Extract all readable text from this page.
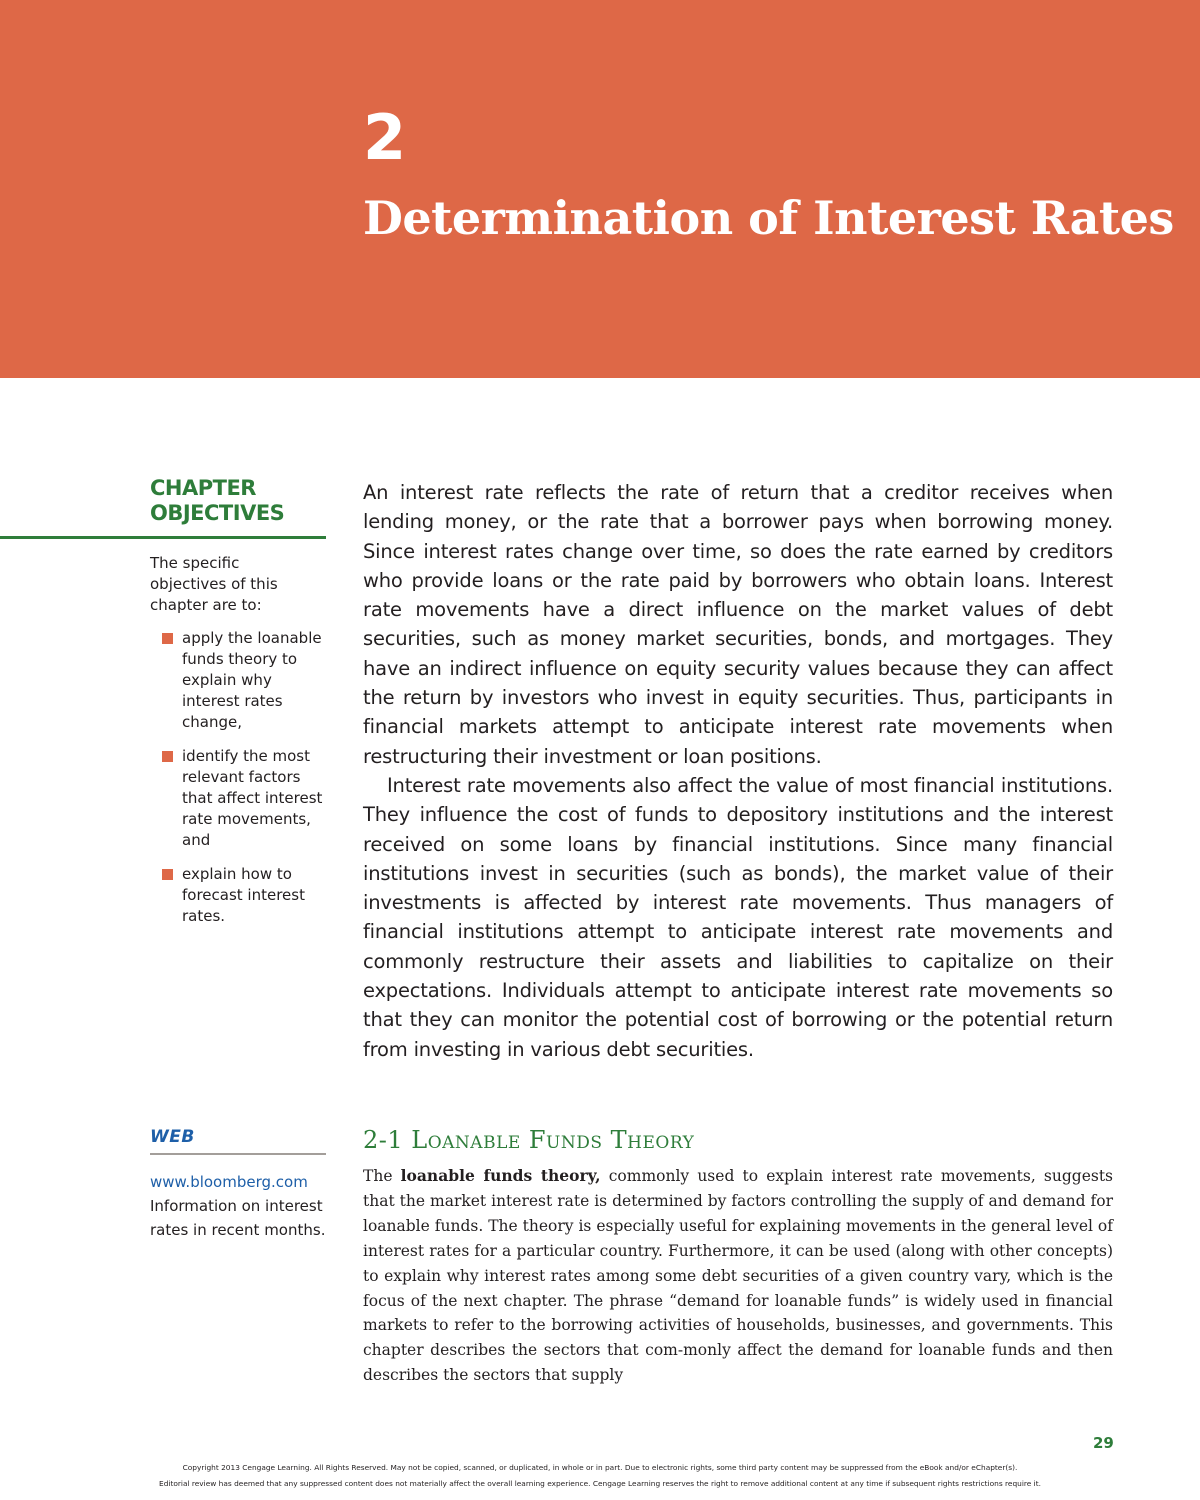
2
Determination of Interest Rates
CHAPTER
OBJECTIVES

The specific objectives of this chapter are to:

apply the loanable funds theory to explain why interest rates change,
identify the most relevant factors that affect interest rate movements, and
explain how to forecast interest rates.
WEB
www.bloomberg.com
Information on interest rates in recent months.

An interest rate reflects the rate of return that a creditor receives when lending money, or the rate that a borrower pays when borrowing money. Since interest rates change over time, so does the rate earned by creditors who provide loans or the rate paid by borrowers who obtain loans. Interest rate movements have a direct influence on the market values of debt securities, such as money market securities, bonds, and mortgages. They have an indirect influence on equity security values because they can affect the return by investors who invest in equity securities. Thus, participants in financial markets attempt to anticipate interest rate movements when restructuring their investment or loan positions.

Interest rate movements also affect the value of most financial institutions. They influence the cost of funds to depository institutions and the interest received on some loans by financial institutions. Since many financial institutions invest in securities (such as bonds), the market value of their investments is affected by interest rate movements. Thus managers of financial institutions attempt to anticipate interest rate movements and commonly restructure their assets and liabilities to capitalize on their expectations. Individuals attempt to anticipate interest rate movements so that they can monitor the potential cost of borrowing or the potential return from investing in various debt securities.

2-1 Loanable Funds Theory

The loanable funds theory, commonly used to explain interest rate movements, suggests that the market interest rate is determined by factors controlling the supply of and demand for loanable funds. The theory is especially useful for explaining movements in the general level of interest rates for a particular country. Furthermore, it can be used (along with other concepts) to explain why interest rates among some debt securities of a given country vary, which is the focus of the next chapter. The phrase “demand for loanable funds” is widely used in financial markets to refer to the borrowing activities of households, businesses, and governments. This chapter describes the sectors that com-monly affect the demand for loanable funds and then describes the sectors that supply

29

Copyright 2013 Cengage Learning. All Rights Reserved. May not be copied, scanned, or duplicated, in whole or in part. Due to electronic rights, some third party content may be suppressed from the eBook and/or eChapter(s).

Editorial review has deemed that any suppressed content does not materially affect the overall learning experience. Cengage Learning reserves the right to remove additional content at any time if subsequent rights restrictions require it.
